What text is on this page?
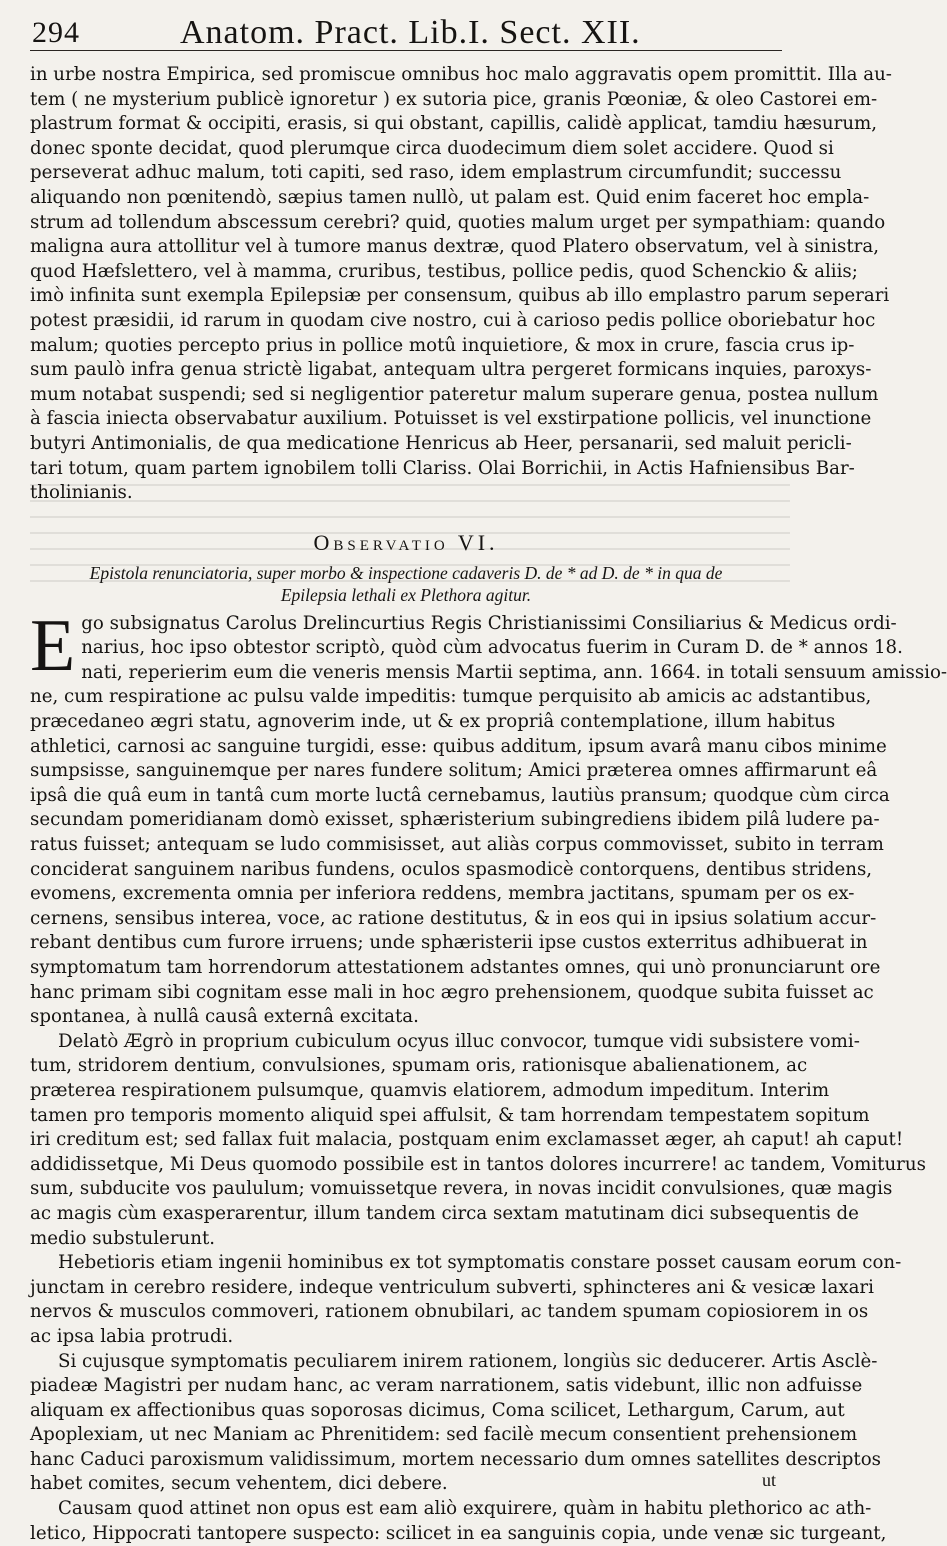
294	Anatom. Pract. Lib.I. Sect. XII.
in urbe nostra Empirica, sed promiscue omnibus hoc malo aggravatis opem promittit. Illa au-
tem ( ne mysterium publicè ignoretur ) ex sutoria pice, granis Pœoniæ, & oleo Castorei em-
plastrum format & occipiti, erasis, si qui obstant, capillis, calidè applicat, tamdiu hæsurum,
donec sponte decidat, quod plerumque circa duodecimum diem solet accidere. Quod si
perseverat adhuc malum, toti capiti, sed raso, idem emplastrum circumfundit; successu
aliquando non pœnitendò, sæpius tamen nullò, ut palam est. Quid enim faceret hoc empla-
strum ad tollendum abscessum cerebri? quid, quoties malum urget per sympathiam: quando
maligna aura attollitur vel à tumore manus dextræ, quod Platero observatum, vel à sinistra,
quod Hæfslettero, vel à mamma, cruribus, testibus, pollice pedis, quod Schenckio & aliis;
imò infinita sunt exempla Epilepsiæ per consensum, quibus ab illo emplastro parum seperari
potest præsidii, id rarum in quodam cive nostro, cui à carioso pedis pollice oboriebatur hoc
malum; quoties percepto prius in pollice motû inquietiore, & mox in crure, fascia crus ip-
sum paulò infra genua strictè ligabat, antequam ultra pergeret formicans inquies, paroxys-
mum notabat suspendi; sed si negligentior pateretur malum superare genua, postea nullum
à fascia iniecta observabatur auxilium. Potuisset is vel exstirpatione pollicis, vel inunctione
butyri Antimonialis, de qua medicatione Henricus ab Heer, persanarii, sed maluit pericli-
tari totum, quam partem ignobilem tolli Clariss. Olai Borrichii, in Actis Hafniensibus Bar-
tholinianis.
Observatio VI.
Epistola renunciatoria, super morbo & inspectione cadaveris D. de * ad D. de * in qua de
Epilepsia lethali ex Plethora agitur.
E go subsignatus Carolus Drelincurtius Regis Christianissimi Consiliarius & Medicus ordi-
narius, hoc ipso obtestor scriptò, quòd cùm advocatus fuerim in Curam D. de * annos 18.
nati, reperierim eum die veneris mensis Martii septima, ann. 1664. in totali sensuum amissio-
ne, cum respiratione ac pulsu valde impeditis: tumque perquisito ab amicis ac adstantibus,
præcedaneo ægri statu, agnoverim inde, ut & ex propriâ contemplatione, illum habitus
athletici, carnosi ac sanguine turgidi, esse: quibus additum, ipsum avarâ manu cibos minime
sumpsisse, sanguinemque per nares fundere solitum; Amici præterea omnes affirmarunt eâ
ipsâ die quâ eum in tantâ cum morte luctâ cernebamus, lautiùs pransum; quodque cùm circa
secundam pomeridianam domò exisset, sphæristerium subingrediens ibidem pilâ ludere pa-
ratus fuisset; antequam se ludo commisisset, aut aliàs corpus commovisset, subito in terram
conciderat sanguinem naribus fundens, oculos spasmodicè contorquens, dentibus stridens,
evomens, excrementa omnia per inferiora reddens, membra jactitans, spumam per os ex-
cernens, sensibus interea, voce, ac ratione destitutus, & in eos qui in ipsius solatium accur-
rebant dentibus cum furore irruens; unde sphæristerii ipse custos exterritus adhibuerat in
symptomatum tam horrendorum attestationem adstantes omnes, qui unò pronunciarunt ore
hanc primam sibi cognitam esse mali in hoc ægro prehensionem, quodque subita fuisset ac
spontanea, à nullâ causâ externâ excitata.
Delatò Ægrò in proprium cubiculum ocyus illuc convocor, tumque vidi subsistere vomi-
tum, stridorem dentium, convulsiones, spumam oris, rationisque abalienationem, ac
præterea respirationem pulsumque, quamvis elatiorem, admodum impeditum. Interim
tamen pro temporis momento aliquid spei affulsit, & tam horrendam tempestatem sopitum
iri creditum est; sed fallax fuit malacia, postquam enim exclamasset æger, ah caput! ah caput!
addidissetque, Mi Deus quomodo possibile est in tantos dolores incurrere! ac tandem, Vomiturus
sum, subducite vos paululum; vomuissetque revera, in novas incidit convulsiones, quæ magis
ac magis cùm exasperarentur, illum tandem circa sextam matutinam dici subsequentis de
medio substulerunt.
Hebetioris etiam ingenii hominibus ex tot symptomatis constare posset causam eorum con-
junctam in cerebro residere, indeque ventriculum subverti, sphincteres ani & vesicæ laxari
nervos & musculos commoveri, rationem obnubilari, ac tandem spumam copiosiorem in os
ac ipsa labia protrudi.
Si cujusque symptomatis peculiarem inirem rationem, longiùs sic deducerer. Artis Asclè-
piadeæ Magistri per nudam hanc, ac veram narrationem, satis videbunt, illic non adfuisse
aliquam ex affectionibus quas soporosas dicimus, Coma scilicet, Lethargum, Carum, aut
Apoplexiam, ut nec Maniam ac Phrenitidem: sed facilè mecum consentient prehensionem
hanc Caduci paroxismum validissimum, mortem necessario dum omnes satellites descriptos
habet comites, secum vehentem, dici debere.
Causam quod attinet non opus est eam aliò exquirere, quàm in habitu plethorico ac ath-
letico, Hippocrati tantopere suspecto: scilicet in ea sanguinis copia, unde venæ sic turgeant,
ut
